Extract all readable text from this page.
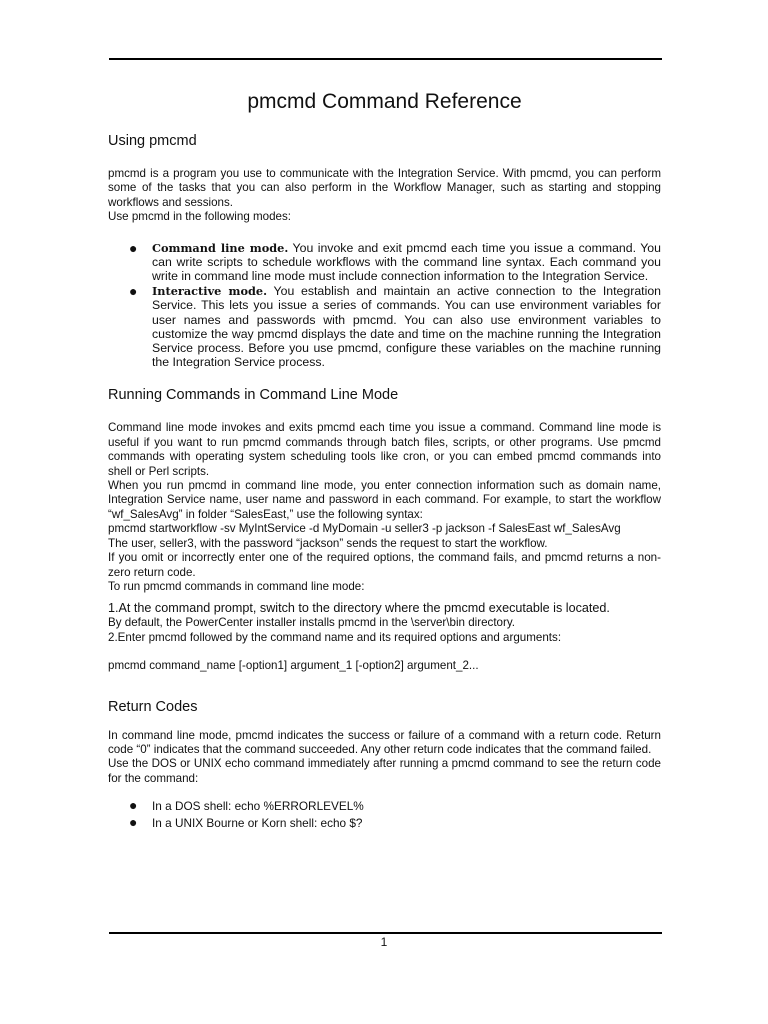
pmcmd Command Reference
Using pmcmd

pmcmd is a program you use to communicate with the Integration Service. With pmcmd, you can perform some of the tasks that you can also perform in the Workflow Manager, such as starting and stopping workflows and sessions.

Use pmcmd in the following modes:

● Command line mode. You invoke and exit pmcmd each time you issue a command. You can write scripts to schedule workflows with the command line syntax. Each command you write in command line mode must include connection information to the Integration Service.
● Interactive mode. You establish and maintain an active connection to the Integration Service. This lets you issue a series of commands. You can use environment variables for user names and passwords with pmcmd. You can also use environment variables to customize the way pmcmd displays the date and time on the machine running the Integration Service process. Before you use pmcmd, configure these variables on the machine running the Integration Service process.
Running Commands in Command Line Mode

Command line mode invokes and exits pmcmd each time you issue a command. Command line mode is useful if you want to run pmcmd commands through batch files, scripts, or other programs. Use pmcmd commands with operating system scheduling tools like cron, or you can embed pmcmd commands into shell or Perl scripts.

When you run pmcmd in command line mode, you enter connection information such as domain name, Integration Service name, user name and password in each command. For example, to start the workflow “wf_SalesAvg” in folder “SalesEast,” use the following syntax:

pmcmd startworkflow -sv MyIntService -d MyDomain -u seller3 -p jackson -f SalesEast wf_SalesAvg

The user, seller3, with the password “jackson” sends the request to start the workflow.

If you omit or incorrectly enter one of the required options, the command fails, and pmcmd returns a non-zero return code.

To run pmcmd commands in command line mode:

1.At the command prompt, switch to the directory where the pmcmd executable is located.

By default, the PowerCenter installer installs pmcmd in the \server\bin directory.

2.Enter pmcmd followed by the command name and its required options and arguments:

pmcmd command_name [-option1] argument_1 [-option2] argument_2...

Return Codes

In command line mode, pmcmd indicates the success or failure of a command with a return code. Return code “0” indicates that the command succeeded. Any other return code indicates that the command failed.

Use the DOS or UNIX echo command immediately after running a pmcmd command to see the return code for the command:

● In a DOS shell: echo %ERRORLEVEL%
● In a UNIX Bourne or Korn shell: echo $?
1
